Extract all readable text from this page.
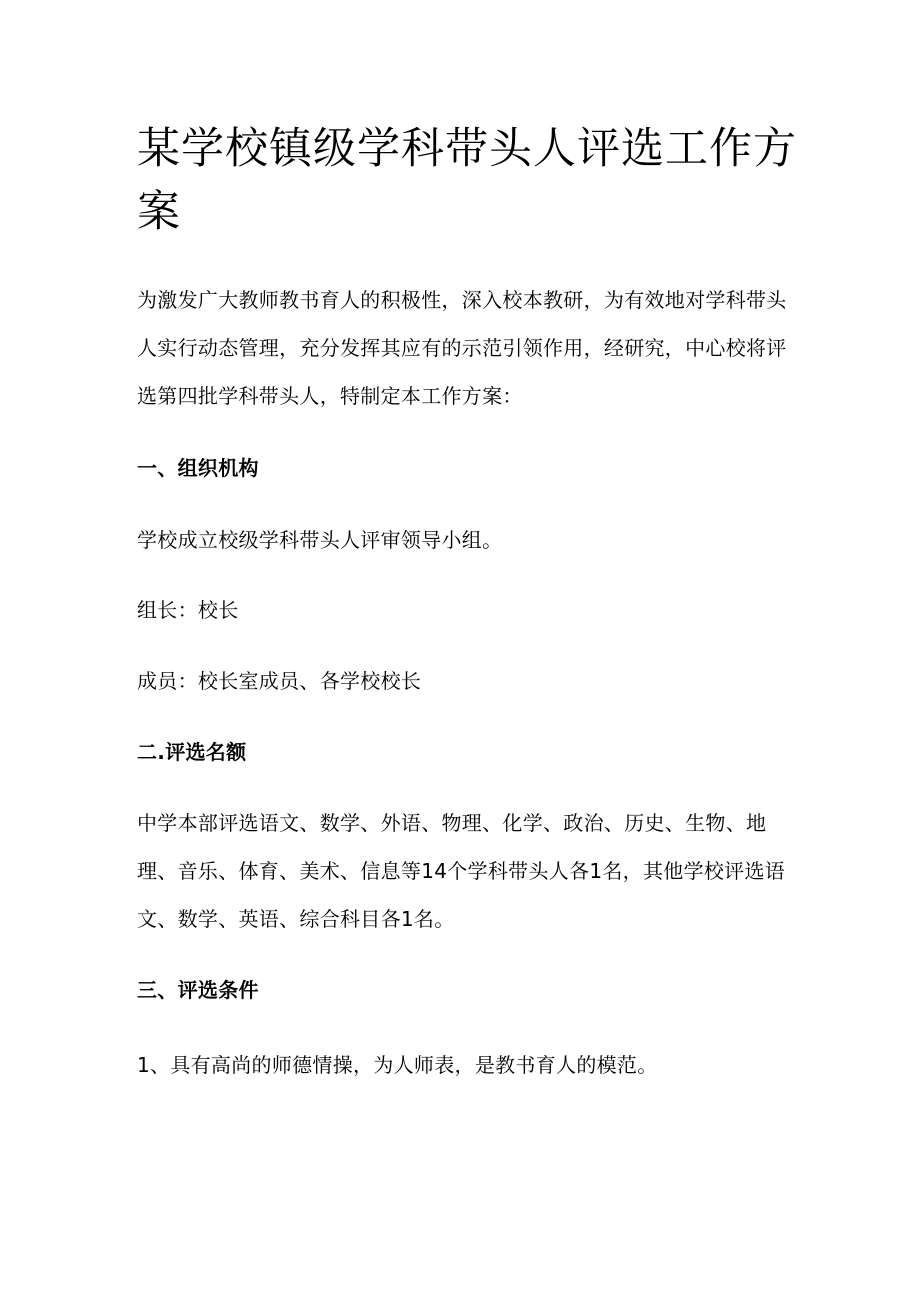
某学校镇级学科带头人评选工作方案

为激发广大教师教书育人的积极性，深入校本教研，为有效地对学科带头人实行动态管理，充分发挥其应有的示范引领作用，经研究，中心校将评选第四批学科带头人，特制定本工作方案：

一、组织机构

学校成立校级学科带头人评审领导小组。

组长：校长

成员：校长室成员、各学校校长

二.评选名额

中学本部评选语文、数学、外语、物理、化学、政治、历史、生物、地理、音乐、体育、美术、信息等14个学科带头人各1名，其他学校评选语文、数学、英语、综合科目各1名。

三、评选条件

1、具有高尚的师德情操，为人师表，是教书育人的模范。
